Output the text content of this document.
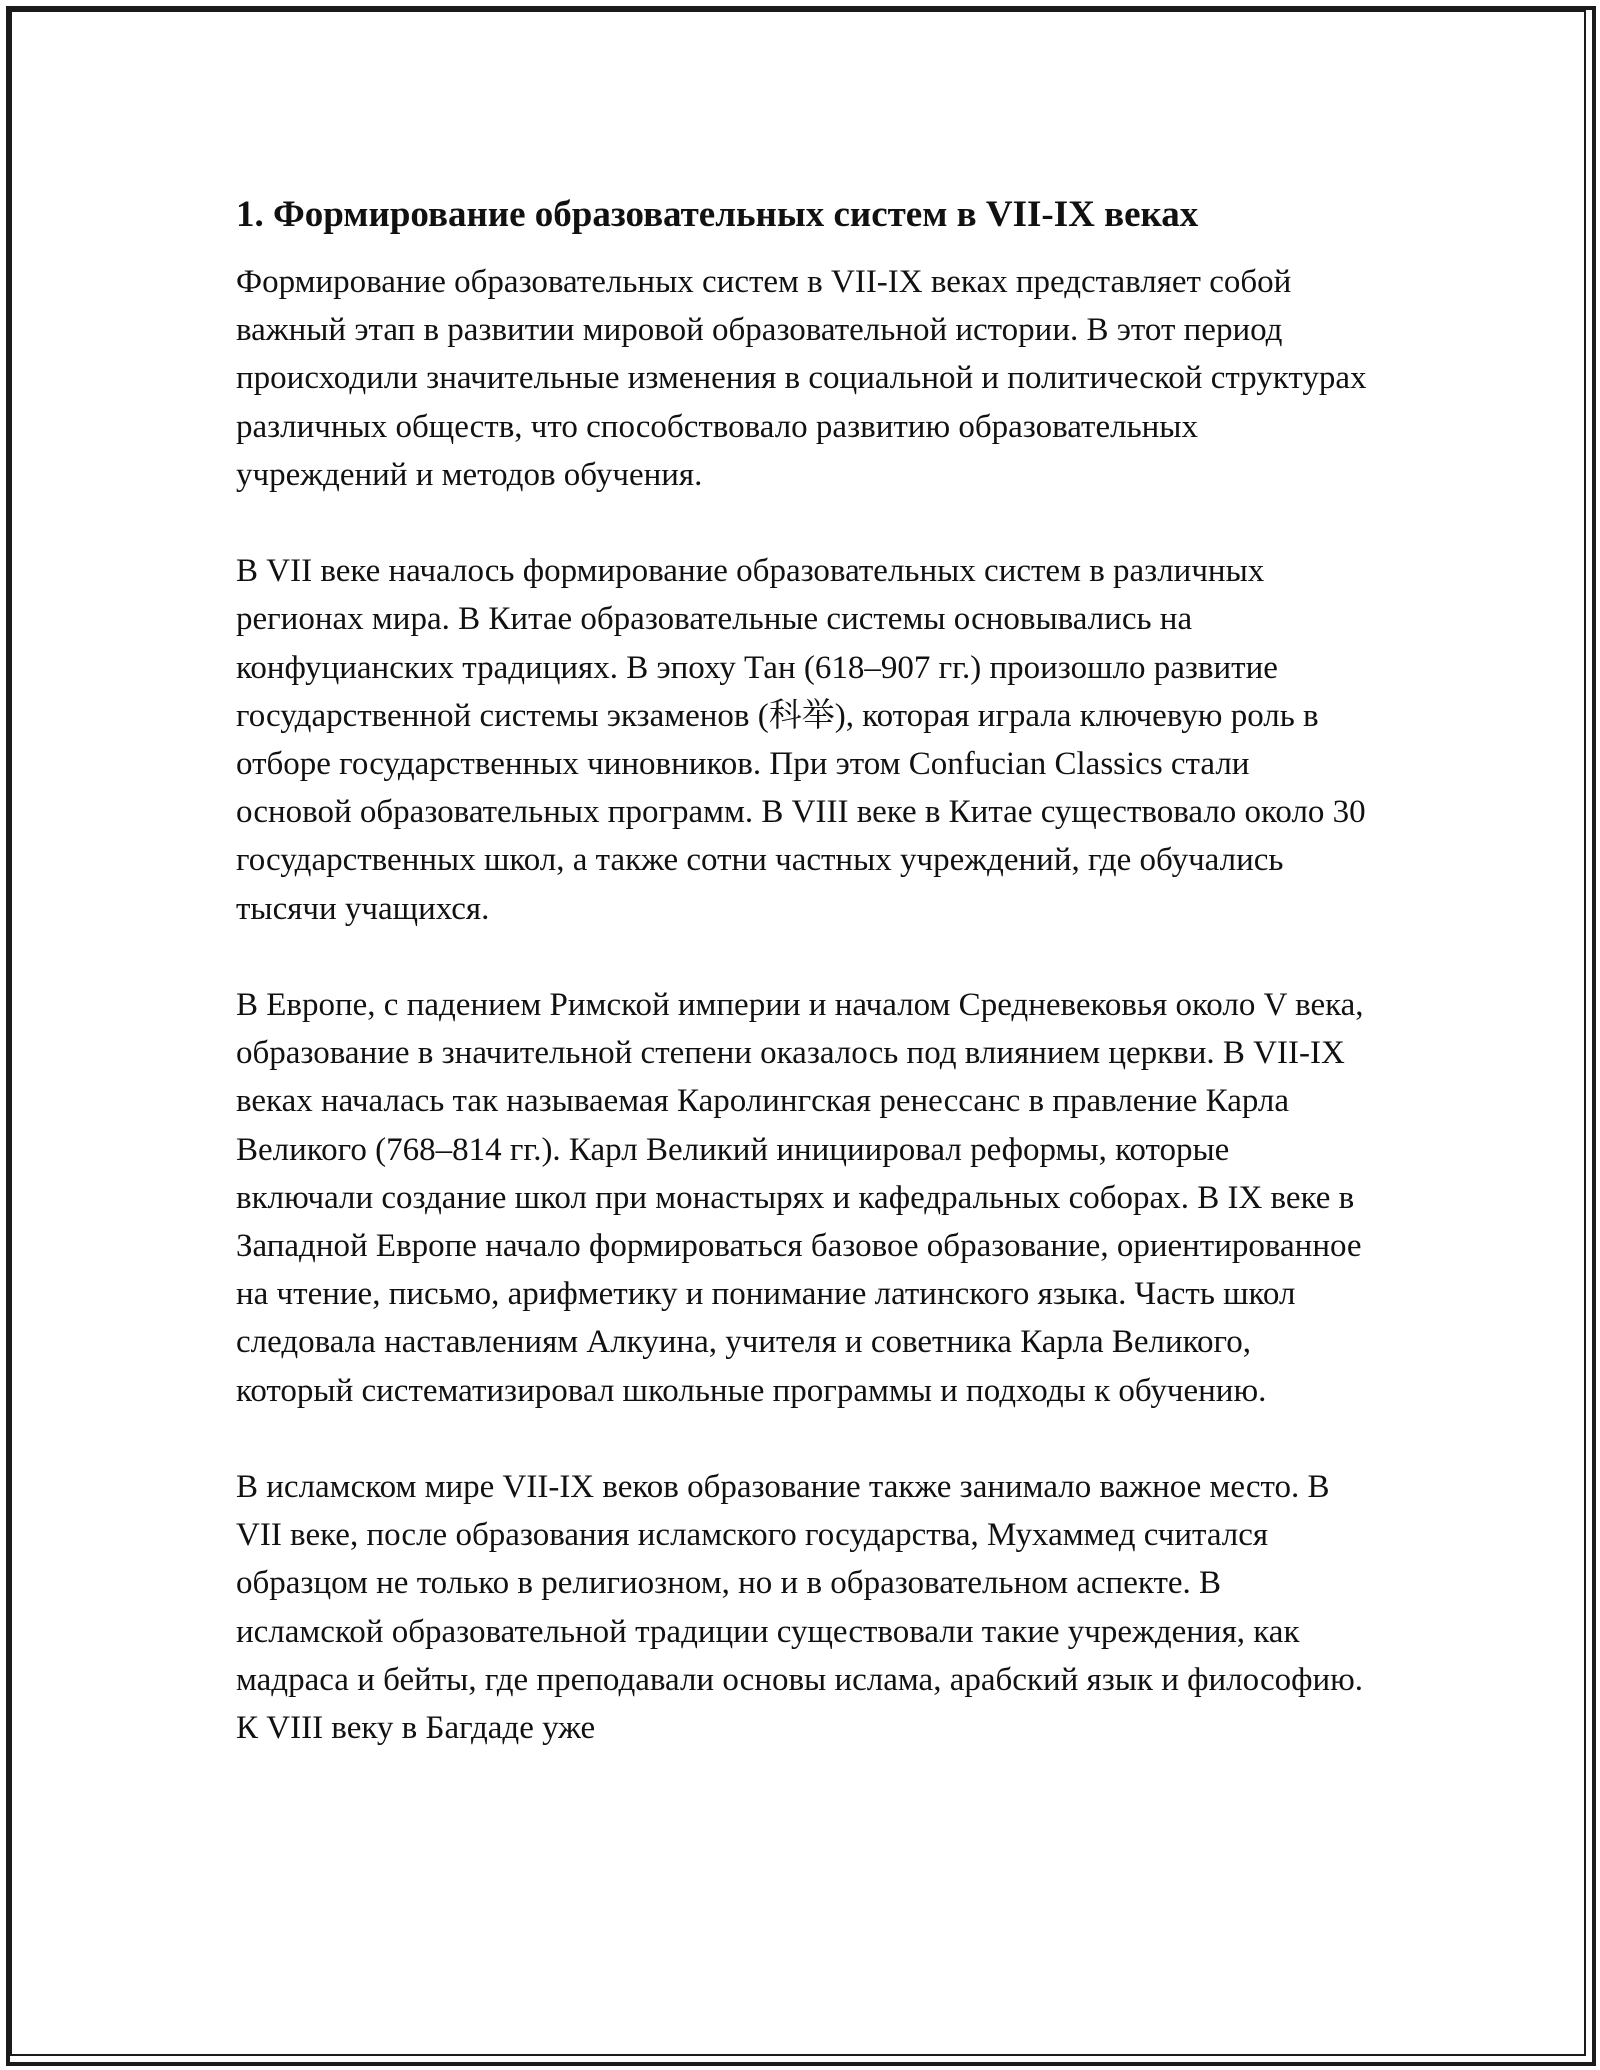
1. Формирование образовательных систем в VII-IX веках

Формирование образовательных систем в VII-IX веках представляет собой важный этап в развитии мировой образовательной истории. В этот период происходили значительные изменения в социальной и политической структурах различных обществ, что способствовало развитию образовательных учреждений и методов обучения.

В VII веке началось формирование образовательных систем в различных регионах мира. В Китае образовательные системы основывались на конфуцианских традициях. В эпоху Тан (618–907 гг.) произошло развитие государственной системы экзаменов (科举), которая играла ключевую роль в отборе государственных чиновников. При этом Confucian Classics стали основой образовательных программ. В VIII веке в Китае существовало около 30 государственных школ, а также сотни частных учреждений, где обучались тысячи учащихся.

В Европе, с падением Римской империи и началом Средневековья около V века, образование в значительной степени оказалось под влиянием церкви. В VII-IX веках началась так называемая Каролингская ренессанс в правление Карла Великого (768–814 гг.). Карл Великий инициировал реформы, которые включали создание школ при монастырях и кафедральных соборах. В IX веке в Западной Европе начало формироваться базовое образование, ориентированное на чтение, письмо, арифметику и понимание латинского языка. Часть школ следовала наставлениям Алкуина, учителя и советника Карла Великого, который систематизировал школьные программы и подходы к обучению.

В исламском мире VII-IX веков образование также занимало важное место. В VII веке, после образования исламского государства, Мухаммед считался образцом не только в религиозном, но и в образовательном аспекте. В исламской образовательной традиции существовали такие учреждения, как мадраса и бейты, где преподавали основы ислама, арабский язык и философию. К VIII веку в Багдаде уже
